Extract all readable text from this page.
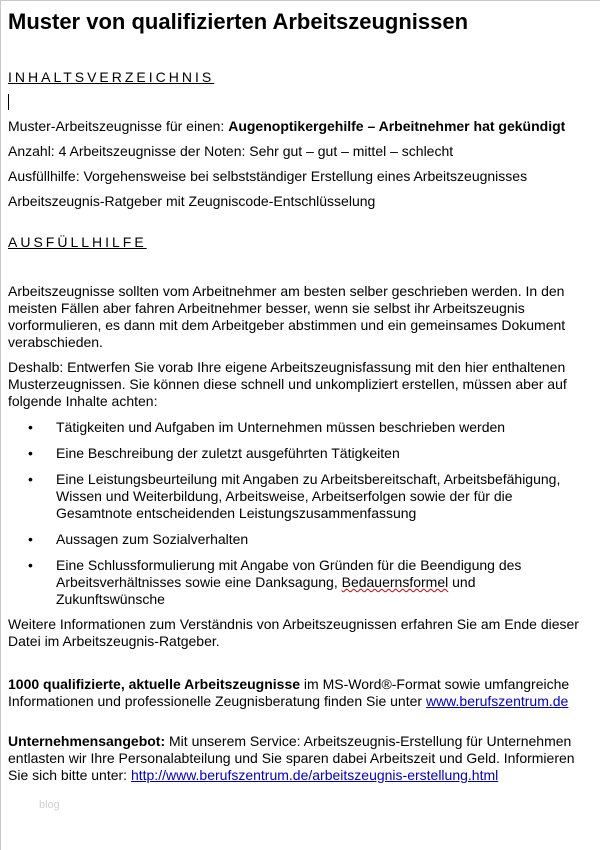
Muster von qualifizierten Arbeitszeugnissen

INHALTSVERZEICHNIS

Muster-Arbeitszeugnisse für einen: Augenoptikergehilfe – Arbeitnehmer hat gekündigt

Anzahl: 4 Arbeitszeugnisse der Noten: Sehr gut – gut – mittel – schlecht

Ausfüllhilfe: Vorgehensweise bei selbstständiger Erstellung eines Arbeitszeugnisses

Arbeitszeugnis-Ratgeber mit Zeugniscode-Entschlüsselung

AUSFÜLLHILFE

Arbeitszeugnisse sollten vom Arbeitnehmer am besten selber geschrieben werden. In den

meisten Fällen aber fahren Arbeitnehmer besser, wenn sie selbst ihr Arbeitszeugnis

vorformulieren, es dann mit dem Arbeitgeber abstimmen und ein gemeinsames Dokument

verabschieden.

Deshalb: Entwerfen Sie vorab Ihre eigene Arbeitszeugnisfassung mit den hier enthaltenen

Musterzeugnissen. Sie können diese schnell und unkompliziert erstellen, müssen aber auf

folgende Inhalte achten:

• Tätigkeiten und Aufgaben im Unternehmen müssen beschrieben werden
• Eine Beschreibung der zuletzt ausgeführten Tätigkeiten
• Eine Leistungsbeurteilung mit Angaben zu Arbeitsbereitschaft, Arbeitsbefähigung,
Wissen und Weiterbildung, Arbeitsweise, Arbeitserfolgen sowie der für die
Gesamtnote entscheidenden Leistungszusammenfassung
• Aussagen zum Sozialverhalten
• Eine Schlussformulierung mit Angabe von Gründen für die Beendigung des
Arbeitsverhältnisses sowie eine Danksagung, Bedauernsformel und
Zukunftswünsche

Weitere Informationen zum Verständnis von Arbeitszeugnissen erfahren Sie am Ende dieser

Datei im Arbeitszeugnis-Ratgeber.

1000 qualifizierte, aktuelle Arbeitszeugnisse im MS-Word®-Format sowie umfangreiche

Informationen und professionelle Zeugnisberatung finden Sie unter www.berufszentrum.de

Unternehmensangebot: Mit unserem Service: Arbeitszeugnis-Erstellung für Unternehmen

entlasten wir Ihre Personalabteilung und Sie sparen dabei Arbeitszeit und Geld. Informieren

Sie sich bitte unter: http://www.berufszentrum.de/arbeitszeugnis-erstellung.html

blog
